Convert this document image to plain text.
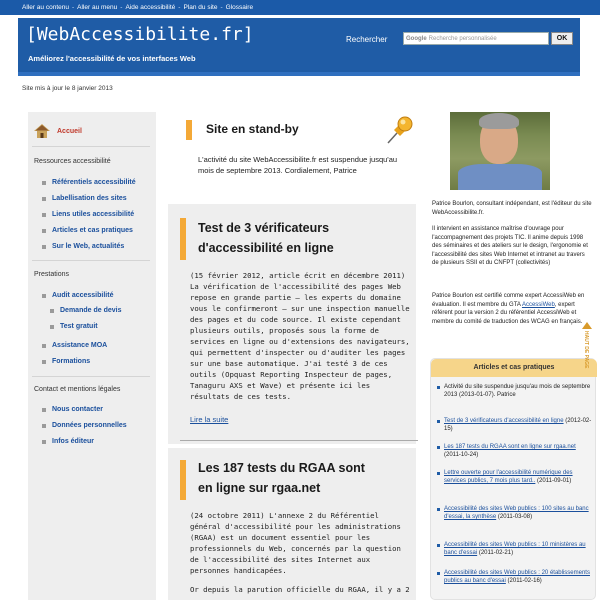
Aller au contenu - Aller au menu - Aide accessibilité - Plan du site - Glossaire
[WebAccessibilite.fr]
Améliorez l'accessibilité de vos interfaces Web
Rechercher	Google Recherche personnalisée	OK
Site mis à jour le 8 janvier 2013
Accueil
Ressources accessibilité
Référentiels accessibilité
Labellisation des sites
Liens utiles accessibilité
Articles et cas pratiques
Sur le Web, actualités
Prestations
Audit accessibilité
Demande de devis
Test gratuit
Assistance MOA
Formations
Contact et mentions légales
Nous contacter
Données personnelles
Infos éditeur
Site en stand-by
L'activité du site WebAccessibilite.fr est suspendue jusqu'au mois de septembre 2013. Cordialement, Patrice
Test de 3 vérificateurs
d'accessibilité en ligne
(15 février 2012, article écrit en décembre 2011) La vérification de l'accessibilité des pages Web repose en grande partie – les experts du domaine vous le confirmeront – sur une inspection manuelle des pages et du code source. Il existe cependant plusieurs outils, proposés sous la forme de services en ligne ou d'extensions des navigateurs, qui permettent d'inspecter ou d'auditer les pages sur une base automatique. J'ai testé 3 de ces outils (Opquast Reporting Inspecteur de pages, Tanaguru AXS et Wave) et présente ici les résultats de ces tests.
Lire la suite
Les 187 tests du RGAA sont
en ligne sur rgaa.net
(24 octobre 2011) L'annexe 2 du Référentiel général d'accessibilité pour les administrations (RGAA) est un document essentiel pour les professionnels du Web, concernés par la question de l'accessibilité des sites Internet aux personnes handicapées.
Or depuis la parution officielle du RGAA, il y a 2
Patrice Bourlon, consultant indépendant, est l'éditeur du site WebAccessibilite.fr.
Il intervient en assistance maîtrise d'ouvrage pour l'accompagnement des projets TIC. Il anime depuis 1998 des séminaires et des ateliers sur le design, l'ergonomie et l'accessibilité des sites Web Internet et intranet au travers de plusieurs SSII et du CNFPT (collectivités)
Patrice Bourlon est certifié comme expert AccessiWeb en évaluation. Il est membre du GTA AccessiWeb, expert référent pour la version 2 du référentiel AccessiWeb et membre du comité de traduction des WCAG en français.
Articles et cas pratiques
Activité du site suspendue jusqu'au mois de septembre 2013 (2013-01-07). Patrice
Test de 3 vérificateurs d'accessibilité en ligne (2012-02-15)
Les 187 tests du RGAA sont en ligne sur rgaa.net (2011-10-24)
Lettre ouverte pour l'accessibilité numérique des services publics, 7 mois plus tard.. (2011-09-01)
Accessibilité des sites Web publics : 100 sites au banc d'essai, la synthèse (2011-03-08)
Accessibilité des sites Web publics : 10 ministères au banc d'essai (2011-02-21)
Accessibilité des sites Web publics : 20 établissements publics au banc d'essai (2011-02-16)
HAUT DE PAGE
